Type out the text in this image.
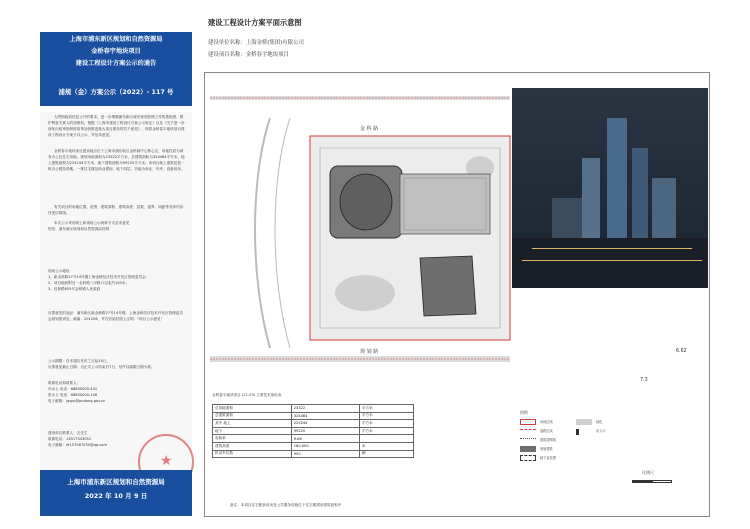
上海市浦东新区规划和自然资源局
金桥春宇地块项目
建设工程设计方案公示的通告
浦规（金）方案公示（2022）- 117 号
为贯彻政府信息公开的要求，进一步增强浦东新区城市规划管理工作的透明度，维护利害关系人的知情权，根据《上海市建设工程设计方案公示规定》以及《关于进一步深化行政审批制度改革加快推进重大项目建设的若干意见》，现将金桥春宇地块项目建设工程设计方案予以公示，并征求意见。
金桥春宇地块项目建设地点位于上海市浦东新区金桥副中心核心区，用地性质为商务办公及住宅用地，规划用地面积为23322平方米，总建筑面积为324484平方米，地上建筑面积为225244平方米，地下建筑面积为99220平方米。该项目地上建筑包括一栋办公楼及塔楼、一栋住宅楼及商业裙房。地下四层，功能为商业、车库、设备用房。
有关项目的用地位置、范围、建筑面积、建筑高度、层数、退界、间距等具体内容详见后附图。
本次公示采用网上和现场公示两种方式征求意见
短信：浦东新区规划和自然资源局官网
现场公示地址：
1、新金桥路27号14号楼上海金桥经济技术开发区管理委员会；
2、项目地块附近一金科路八甲路口以北约100米；
3、佳林路655号金桥镇人民政府
反馈意见的途径：浦东新区新金桥路27号14号楼，上海金桥经济技术开发区管理委员会规划建设处，邮编：201206，并在信函封面上注明：“项目公示意见”
公示期限：自本通告发布之日起10日。
反馈意见截止日期：自正式公示结束后7日，信件以邮戳日期为准。
联系电话和联系人：
冯女士 电话：68800000-441
张女士 电话：68800000-106
电子邮箱：jqspc@pudong.gov.cn
建设单位联系人：沈先生
联系电话：13917343051
电子邮箱：ef157067050@qq.com
★
上海市浦东新区规划和自然资源局
2022 年 10 月 9 日
建设工程设计方案平面示意图
建设单位名称：上海金桥(集团)有限公司
建设项目名称：金桥春宇地块项目
金 科 路
规 划 路	6.62
7.3
金桥春宇地块项目 (21-03) 主要技术指标表
总用地面积	23322	平方米
总建筑面积	324484	平方米
其中 地上	225244	平方米
地下	99220	平方米
容积率	9.66	
建筑高度	180.000	米
机动车位数	950	辆
备注：本项目住宅配套用房及公共服务设施位于住宅楼裙房建筑面积中
图例
用地红线
道路红线
建筑控制线
规划建筑
地下室范围
绿化
出入口
比例尺
